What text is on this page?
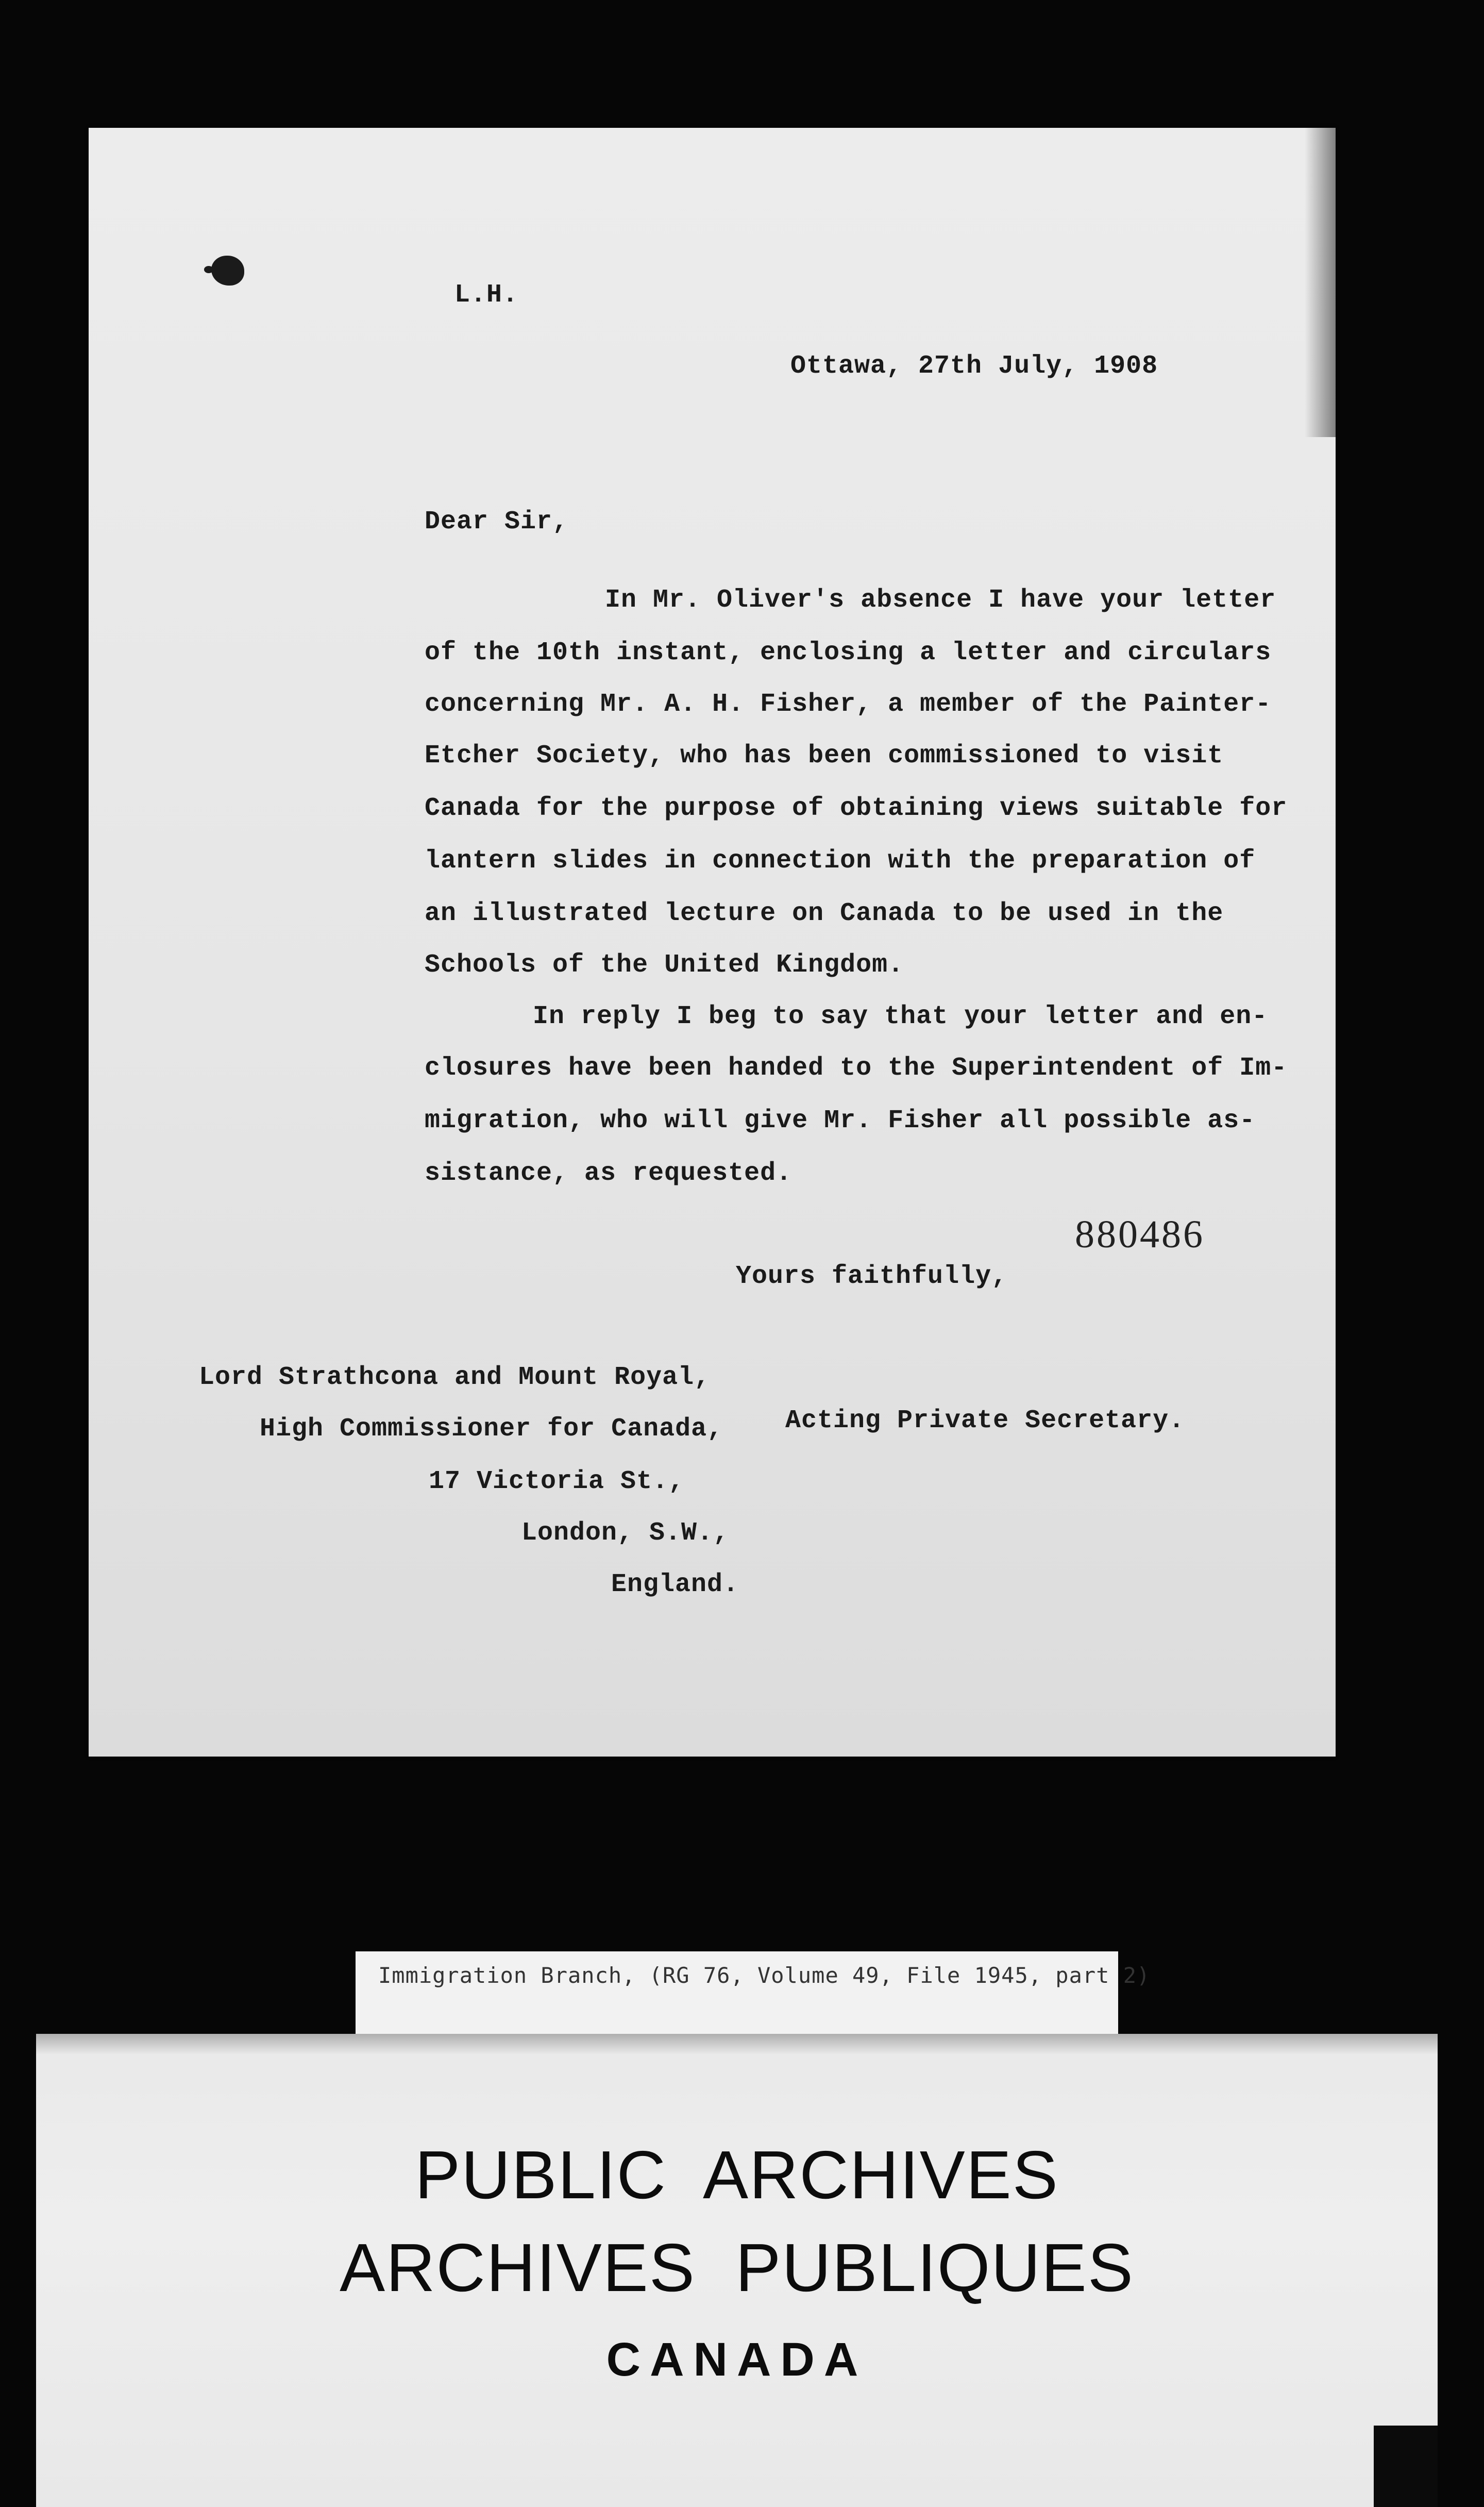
L.H.
Ottawa, 27th July, 1908
Dear Sir,
In Mr. Oliver's absence I have your letter
of the 10th instant, enclosing a letter and circulars
concerning Mr. A. H. Fisher, a member of the Painter-
Etcher Society, who has been commissioned to visit
Canada for the purpose of obtaining views suitable for
lantern slides in connection with the preparation of
an illustrated lecture on Canada to be used in the
Schools of the United Kingdom.
In reply I beg to say that your letter and en-
closures have been handed to the Superintendent of Im-
migration, who will give Mr. Fisher all possible as-
sistance, as requested.
880486
Yours faithfully,
Lord Strathcona and Mount Royal,
High Commissioner for Canada, Acting Private Secretary.
17 Victoria St.,
London, S.W.,
England.
Immigration Branch, (RG 76, Volume 49, File 1945, part 2)
PUBLIC  ARCHIVES
ARCHIVES  PUBLIQUES
CANADA
